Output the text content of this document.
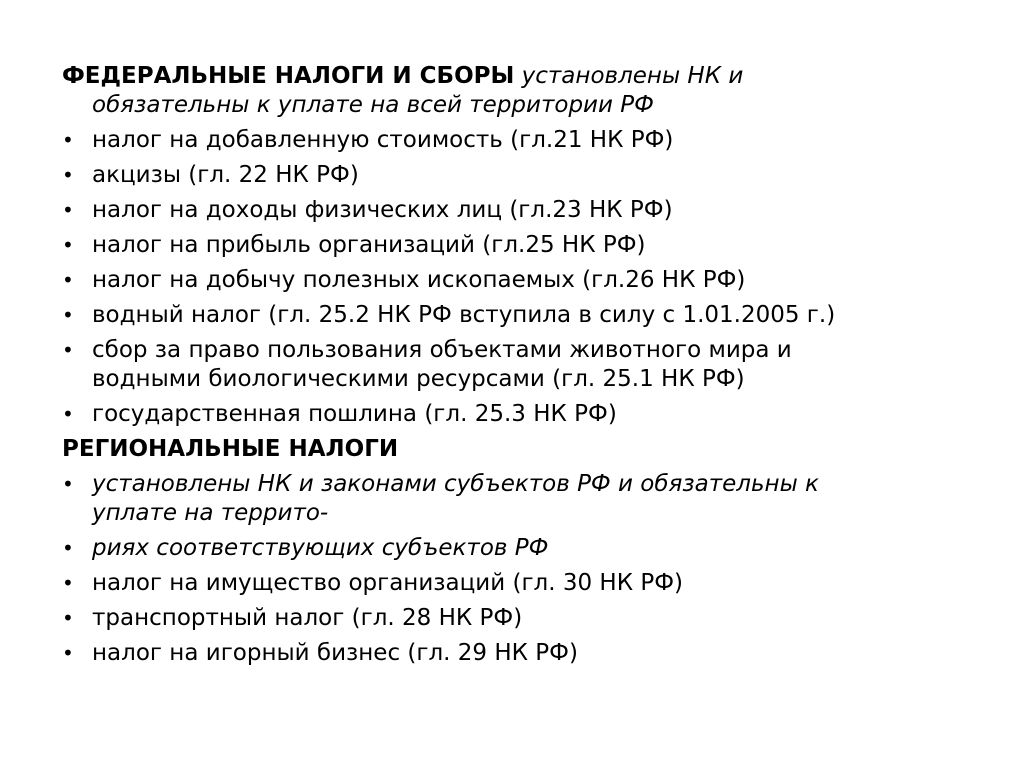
ФЕДЕРАЛЬНЫЕ НАЛОГИ И СБОРЫ установлены НК и
обязательны к уплате на всей территории РФ
• налог на добавленную стоимость (гл.21 НК РФ)
• акцизы (гл. 22 НК РФ)
• налог на доходы физических лиц (гл.23 НК РФ)
• налог на прибыль организаций (гл.25 НК РФ)
• налог на добычу полезных ископаемых (гл.26 НК РФ)
• водный налог (гл. 25.2 НК РФ вступила в силу с 1.01.2005 г.)
• сбор за право пользования объектами животного мира и водными биологическими ресурсами (гл. 25.1 НК РФ)
• государственная пошлина (гл. 25.3 НК РФ)
РЕГИОНАЛЬНЫЕ НАЛОГИ
• установлены НК и законами субъектов РФ и обязательны к уплате на террито-
• риях соответствующих субъектов РФ
• налог на имущество организаций (гл. 30 НК РФ)
• транспортный налог (гл. 28 НК РФ)
• налог на игорный бизнес (гл. 29 НК РФ)
